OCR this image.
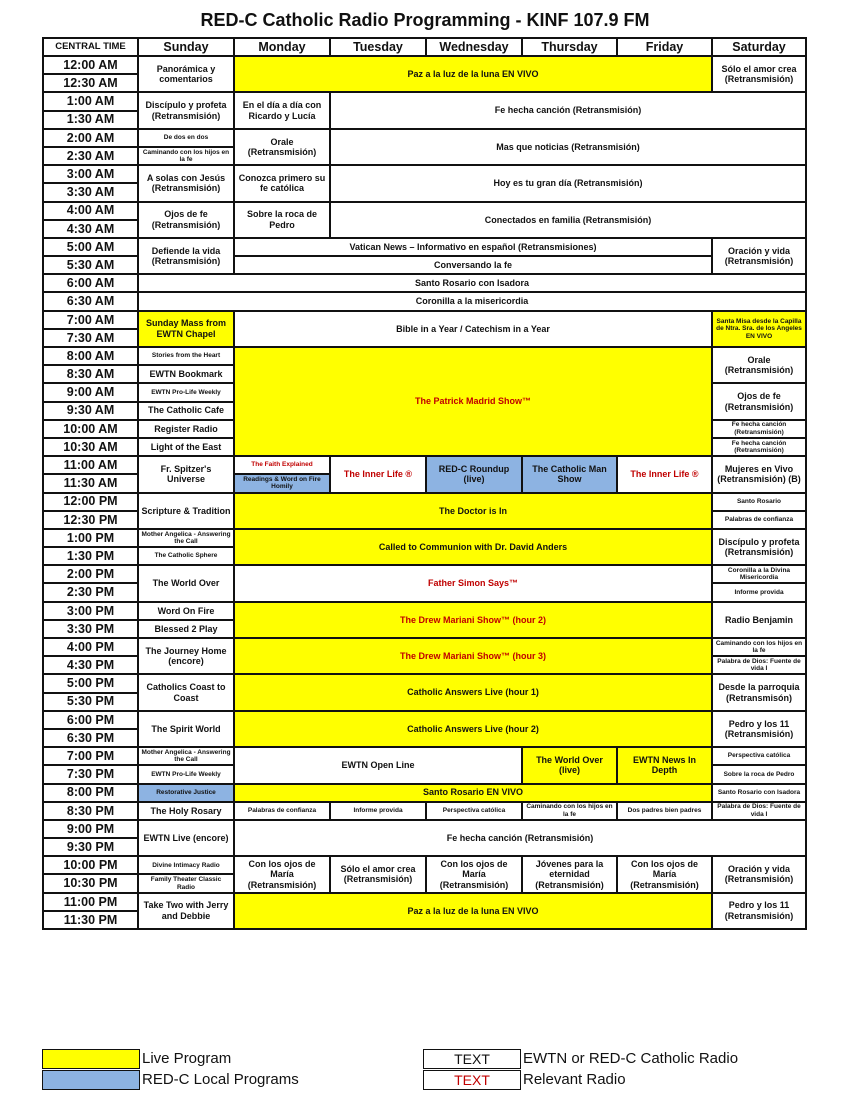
RED-C Catholic Radio Programming - KINF 107.9 FM
CENTRAL TIME	Sunday	Monday	Tuesday	Wednesday	Thursday	Friday	Saturday
12:00 AM	Panorámica y comentarios	Paz a la luz de la luna EN VIVO					Sólo el amor crea (Retransmisión)
12:30 AM							
1:00 AM	Discípulo y profeta (Retransmisión)	En el día a día con Ricardo y Lucía	Fe hecha canción (Retransmisión)				
1:30 AM							
2:00 AM	De dos en dos	Orale (Retransmisión)	Mas que noticias (Retransmisión)				
2:30 AM	Caminando con los hijos en la fe						
3:00 AM	A solas con Jesús (Retransmisión)	Conozca primero su fe católica	Hoy es tu gran día (Retransmisión)				
3:30 AM							
4:00 AM	Ojos de fe (Retransmisión)	Sobre la roca de Pedro	Conectados en familia (Retransmisión)				
4:30 AM							
5:00 AM	Defiende la vida (Retransmisión)	Vatican News – Informativo en español (Retransmisiones)					Oración y vida (Retransmisión)
5:30 AM		Conversando la fe					
6:00 AM	Santo Rosario con Isadora						
6:30 AM	Coronilla a la misericordia						
7:00 AM	Sunday Mass from EWTN Chapel	Bible in a Year / Catechism in a Year					Santa Misa desde la Capilla de Ntra. Sra. de los Angeles EN VIVO
7:30 AM							
8:00 AM	Stories from the Heart	The Patrick Madrid Show™					Orale (Retransmisión)
8:30 AM	EWTN Bookmark						
9:00 AM	EWTN Pro-Life Weekly						Ojos de fe (Retransmisión)
9:30 AM	The Catholic Cafe						
10:00 AM	Register Radio						Fe hecha canción (Retransmisión)
10:30 AM	Light of the East						Fe hecha canción (Retransmisión)
11:00 AM	Fr. Spitzer's Universe	The Faith Explained	The Inner Life ®	RED-C Roundup (live)	The Catholic Man Show	The Inner Life ®	Mujeres en Vivo (Retransmisión) (B)
11:30 AM		Readings & Word on Fire Homily					
12:00 PM	Scripture & Tradition	The Doctor is In					Santo Rosario
12:30 PM							Palabras de confianza
1:00 PM	Mother Angelica - Answering the Call	Called to Communion with Dr. David Anders					Discípulo y profeta (Retransmisión)
1:30 PM	The Catholic Sphere						
2:00 PM	The World Over	Father Simon Says™					Coronilla a la Divina Misericordia
2:30 PM							Informe provida
3:00 PM	Word On Fire	The Drew Mariani Show™ (hour 2)					Radio Benjamin
3:30 PM	Blessed 2 Play						
4:00 PM	The Journey Home (encore)	The Drew Mariani Show™ (hour 3)					Caminando con los hijos en la fe
4:30 PM							Palabra de Dios: Fuente de vida I
5:00 PM	Catholics Coast to Coast	Catholic Answers Live (hour 1)					Desde la parroquia (Retransmisón)
5:30 PM							
6:00 PM	The Spirit World	Catholic Answers Live (hour 2)					Pedro y los 11 (Retransmisión)
6:30 PM							
7:00 PM	Mother Angelica - Answering the Call	EWTN Open Line			The World Over (live)	EWTN News In Depth	Perspectiva católica
7:30 PM	EWTN Pro-Life Weekly						Sobre la roca de Pedro
8:00 PM	Restorative Justice	Santo Rosario EN VIVO					Santo Rosario con Isadora
8:30 PM	The Holy Rosary	Palabras de confianza	Informe provida	Perspectiva católica	Caminando con los hijos en la fe	Dos padres bien padres	Palabra de Dios: Fuente de vida I
9:00 PM	EWTN Live (encore)	Fe hecha canción (Retransmisión)					
9:30 PM							
10:00 PM	Divine Intimacy Radio	Con los ojos de María (Retransmisión)	Sólo el amor crea (Retransmisión)	Con los ojos de María (Retransmisión)	Jóvenes para la eternidad (Retransmisión)	Con los ojos de María (Retransmisión)	Oración y vida (Retransmisión)
10:30 PM	Family Theater Classic Radio						
11:00 PM	Take Two with Jerry and Debbie	Paz a la luz de la luna EN VIVO					Pedro y los 11 (Retransmisión)
11:30 PM							
Live Program
RED-C Local Programs
TEXT	EWTN or RED-C Catholic Radio
TEXT	Relevant Radio
